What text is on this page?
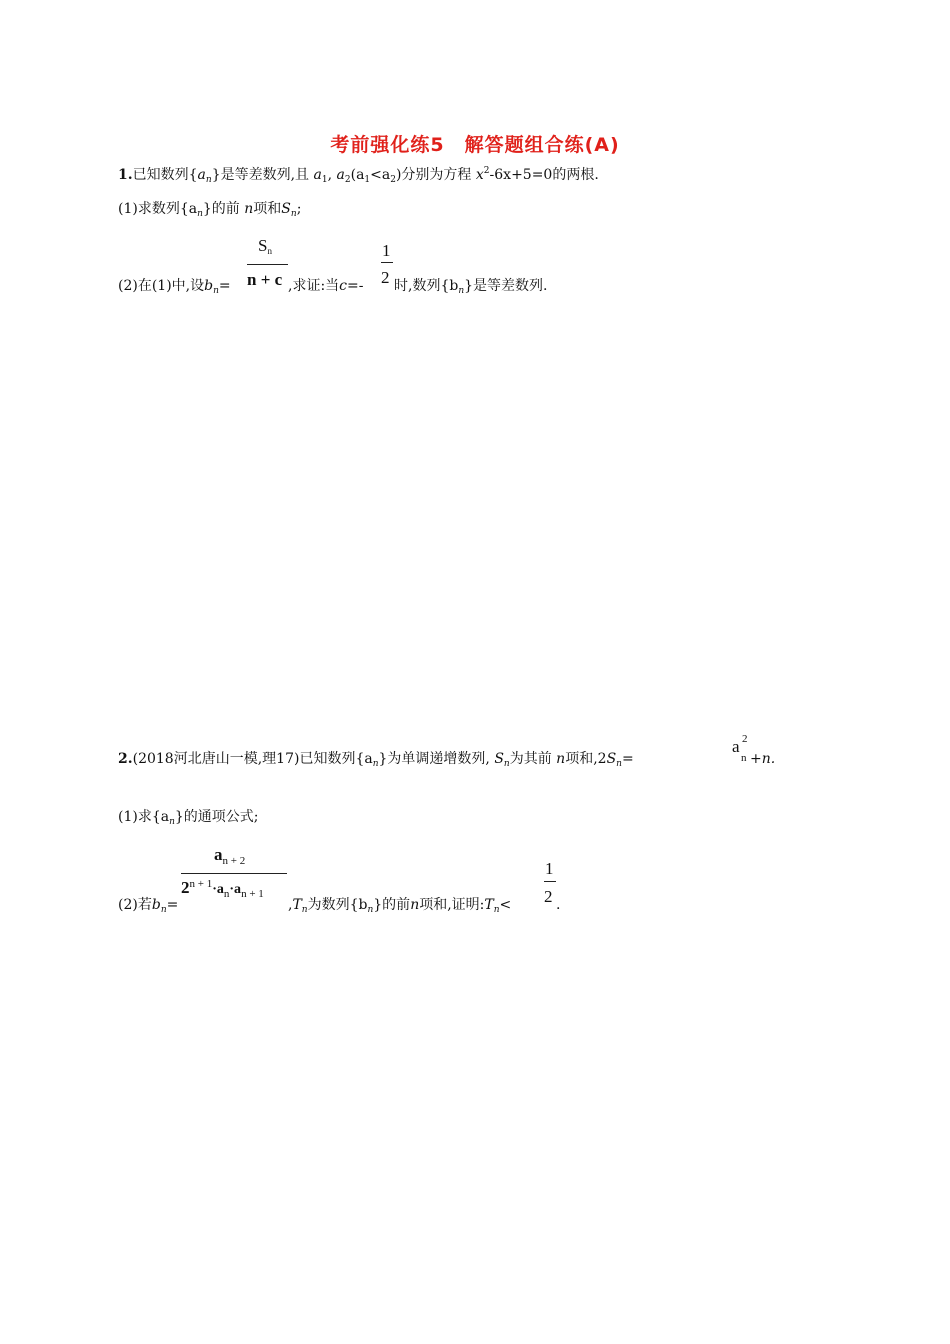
考前强化练5　解答题组合练(A)
1.已知数列$\{a_n\}$是等差数列,且 $a_1$, $a_2(a_1<a_2)$分别为方程 $x^2-6x+5=0$的两根.
(1)求数列$\{a_n\}$的前 n项和$S_n$;
$S_n$
n + c
1
2
(2)在(1)中,设$b_n=$	,求证:当c=- 时,数列$\{b_n\}$是等差数列.
2.(2018河北唐山一模,理17)已知数列$\{a_n\}$为单调递增数列, $S_n$为其前 n项和$,2S_n=$
a 2
n +n.
(1)求$\{a_n\}$的通项公式;
$a_{n + 2}$
$2^{n + 1}\cdot a_n\cdot a_{n + 1}$
(2)若$b_n=$	$,T_n$为数列$\{b_n\}$的前n项和,证明$:T_n<$
1
2 .
